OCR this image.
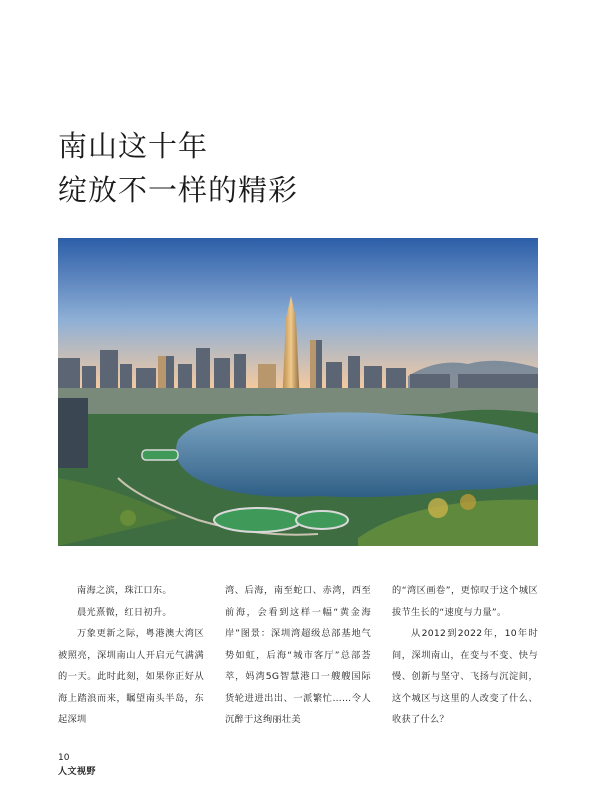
南山这十年
绽放不一样的精彩

南海之滨，珠江口东。

晨光熹微，红日初升。

万象更新之际，粤港澳大湾区被照亮，深圳南山人开启元气满满的一天。此时此刻，如果你正好从海上踏浪而来，瞩望南头半岛，东起深圳

湾、后海，南至蛇口、赤湾，西至前海，会看到这样一幅“黄金海岸”图景：深圳湾超级总部基地气势如虹，后海“城市客厅”总部荟萃，妈湾5G智慧港口一艘艘国际货轮进进出出、一派繁忙……令人沉醉于这绚丽壮美

的“湾区画卷”，更惊叹于这个城区拔节生长的“速度与力量”。

从2012到2022年，10年时间，深圳南山，在变与不变、快与慢、创新与坚守、飞扬与沉淀间，这个城区与这里的人改变了什么、收获了什么？

10
人文视野
